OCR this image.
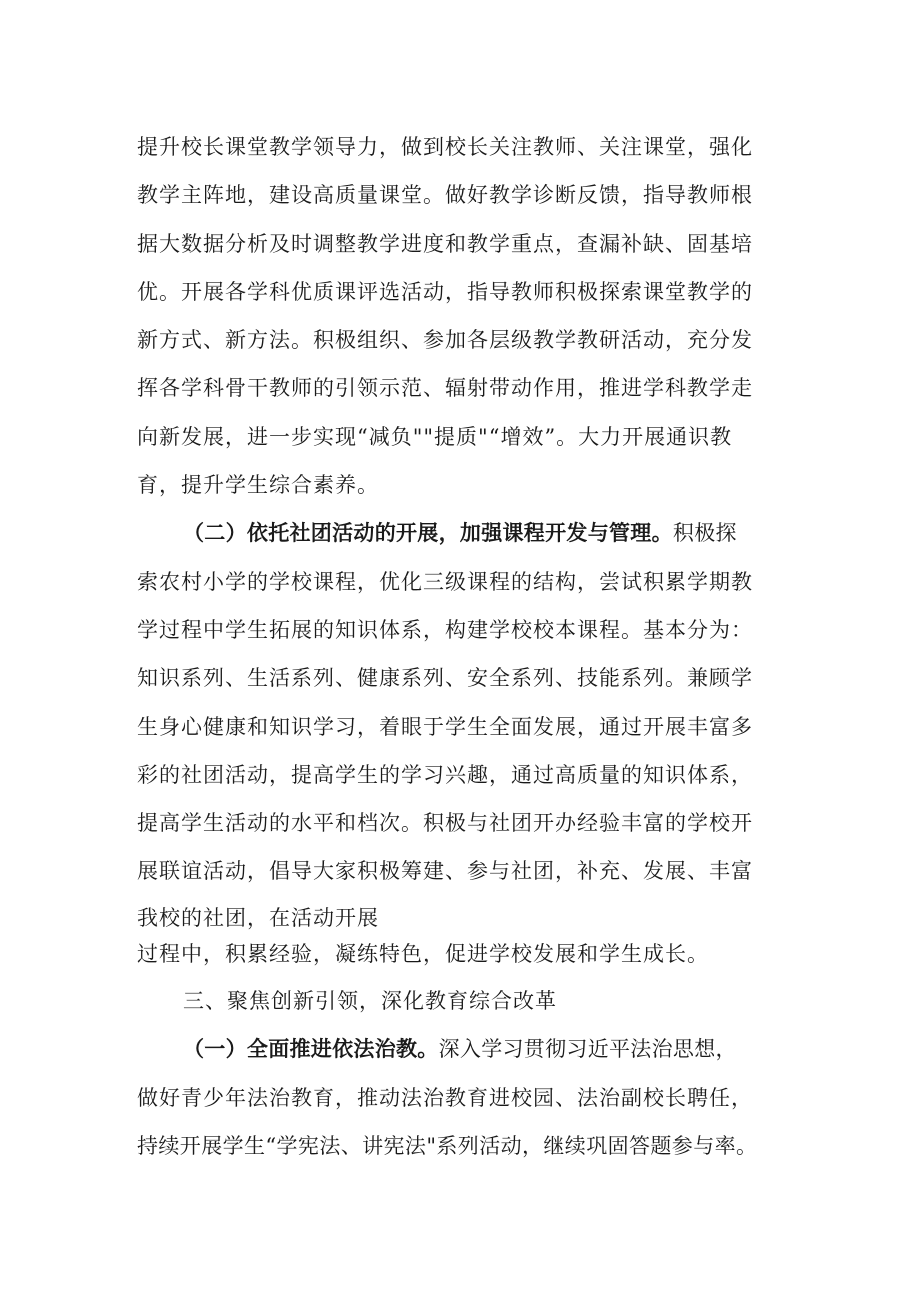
提升校长课堂教学领导力，做到校长关注教师、关注课堂，强化
教学主阵地，建设高质量课堂。做好教学诊断反馈，指导教师根
据大数据分析及时调整教学进度和教学重点，查漏补缺、固基培
优。开展各学科优质课评选活动，指导教师积极探索课堂教学的
新方式、新方法。积极组织、参加各层级教学教研活动，充分发
挥各学科骨干教师的引领示范、辐射带动作用，推进学科教学走
向新发展，进一步实现“减负""提质"“增效”。大力开展通识教
育，提升学生综合素养。
（二）依托社团活动的开展，加强课程开发与管理。积极探
索农村小学的学校课程，优化三级课程的结构，尝试积累学期教
学过程中学生拓展的知识体系，构建学校校本课程。基本分为：
知识系列、生活系列、健康系列、安全系列、技能系列。兼顾学
生身心健康和知识学习，着眼于学生全面发展，通过开展丰富多
彩的社团活动，提高学生的学习兴趣，通过高质量的知识体系，
提高学生活动的水平和档次。积极与社团开办经验丰富的学校开
展联谊活动，倡导大家积极筹建、参与社团，补充、发展、丰富
我校的社团，在活动开展
过程中，积累经验，凝练特色，促进学校发展和学生成长。
三、聚焦创新引领，深化教育综合改革
（一）全面推进依法治教。深入学习贯彻习近平法治思想，
做好青少年法治教育，推动法治教育进校园、法治副校长聘任，
持续开展学生“学宪法、讲宪法"系列活动，继续巩固答题参与率。
